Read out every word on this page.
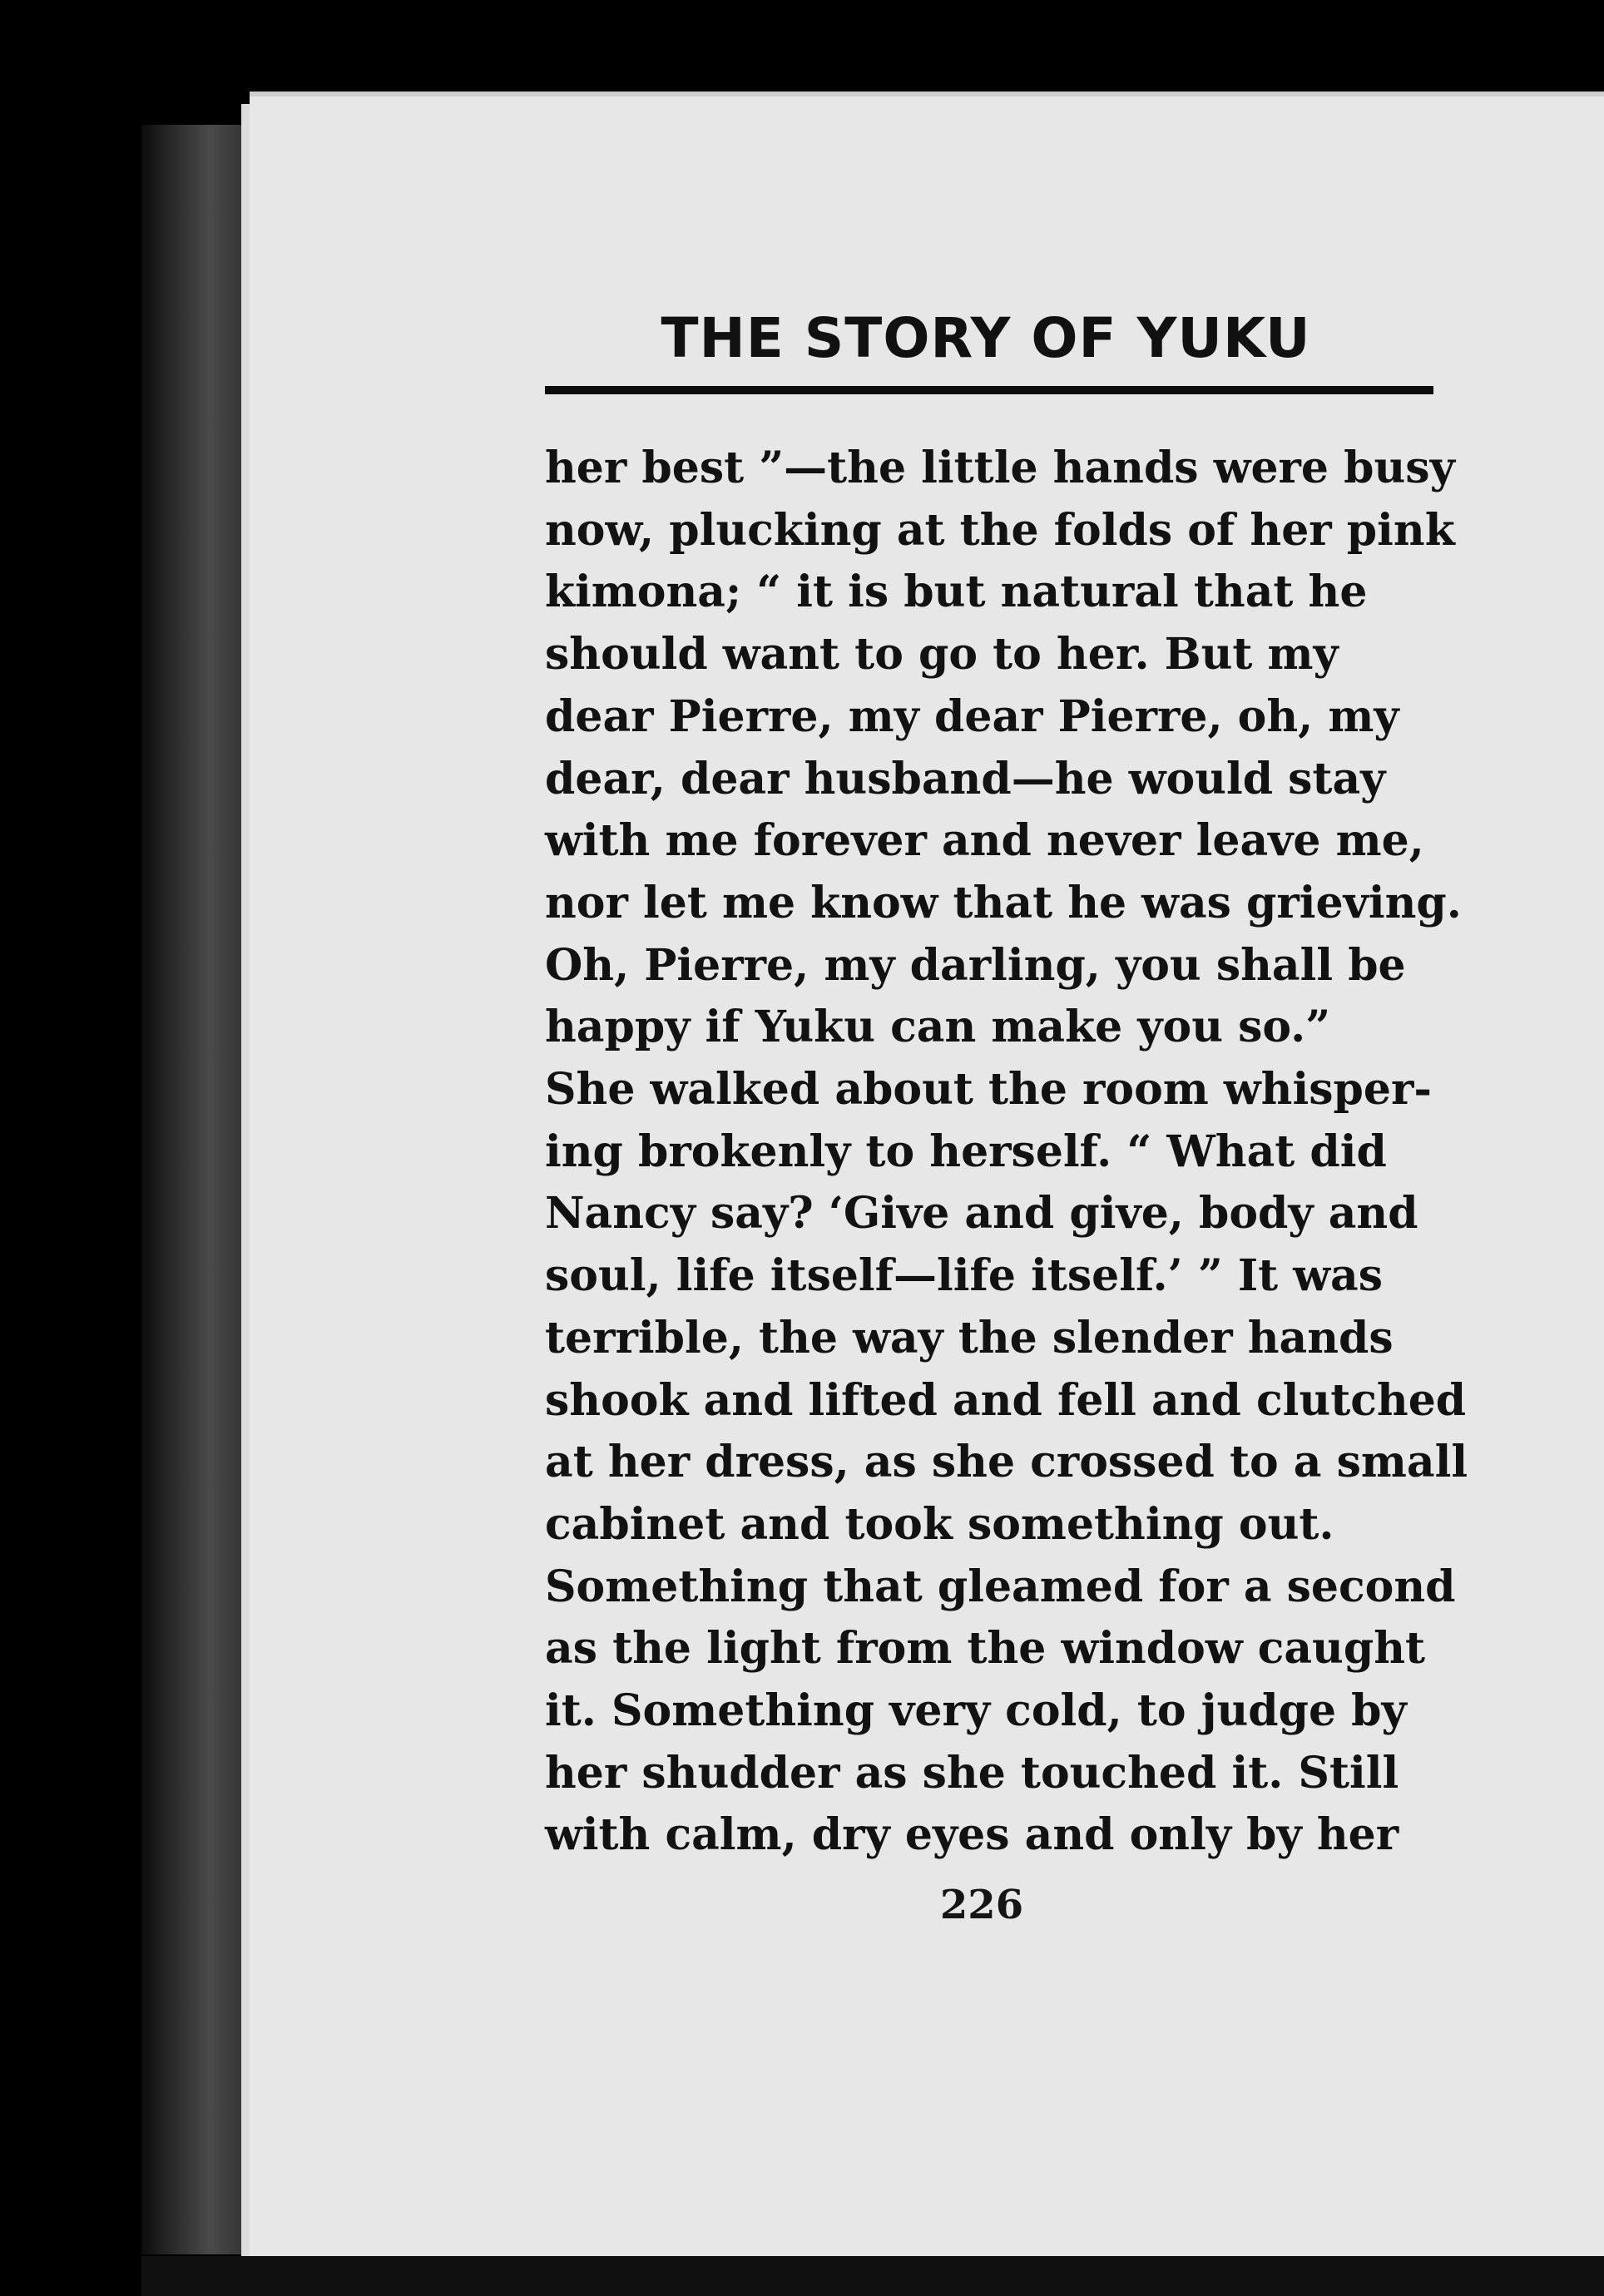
THE STORY OF YUKU
her best ”—the little hands were busy
now, plucking at the folds of her pink
kimona; “ it is but natural that he
should want to go to her. But my
dear Pierre, my dear Pierre, oh, my
dear, dear husband—he would stay
with me forever and never leave me,
nor let me know that he was grieving.
Oh, Pierre, my darling, you shall be
happy if Yuku can make you so.”
She walked about the room whisper-
ing brokenly to herself. “ What did
Nancy say? ‘Give and give, body and
soul, life itself—life itself.’ ” It was
terrible, the way the slender hands
shook and lifted and fell and clutched
at her dress, as she crossed to a small
cabinet and took something out.
Something that gleamed for a second
as the light from the window caught
it. Something very cold, to judge by
her shudder as she touched it. Still
with calm, dry eyes and only by her
226
